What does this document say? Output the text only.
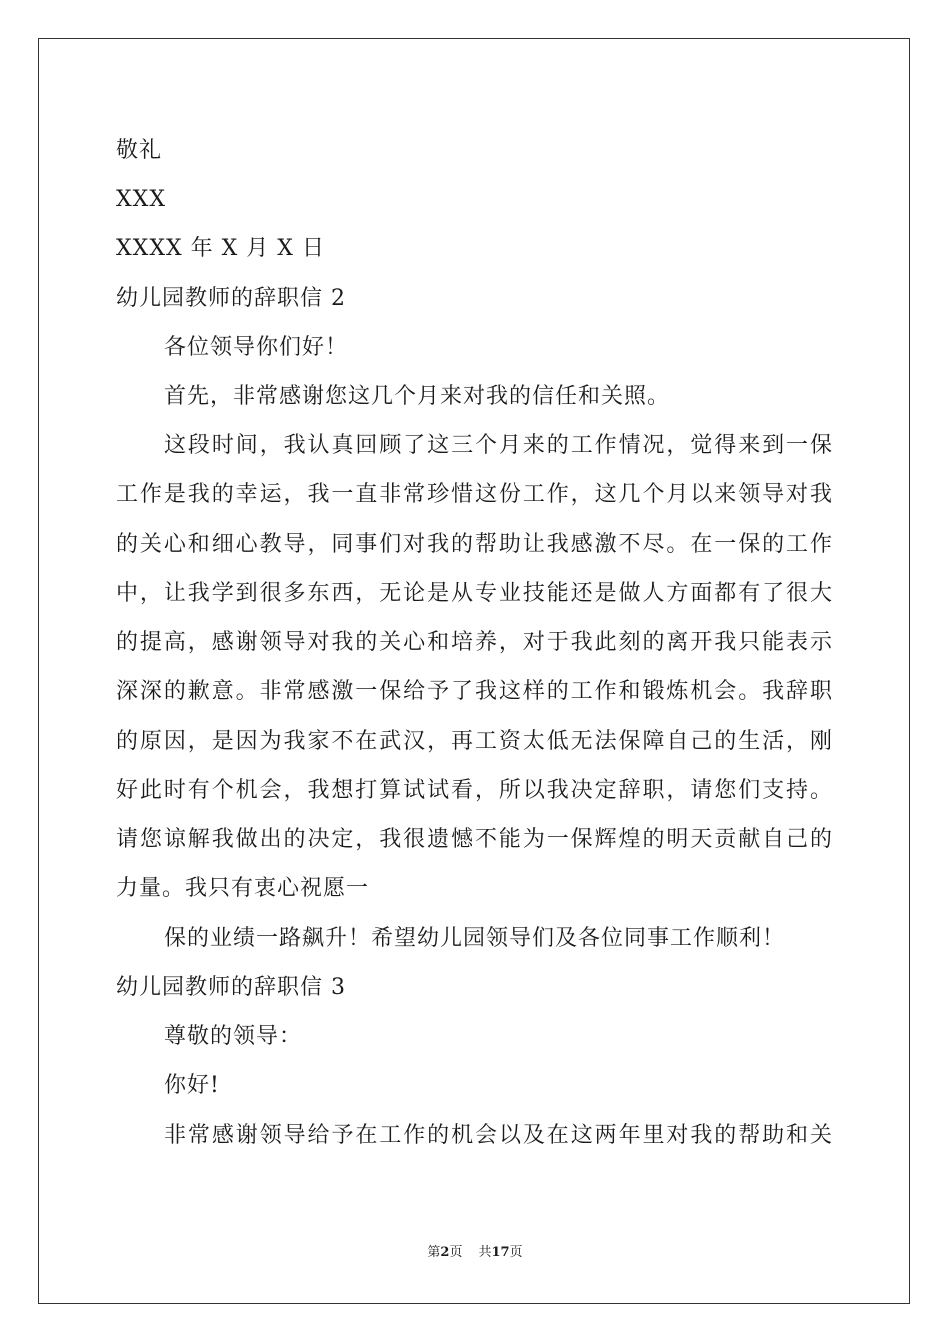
敬礼
XXX
XXXX 年 X 月 X 日
幼儿园教师的辞职信 2
各位领导你们好！
首先，非常感谢您这几个月来对我的信任和关照。
这段时间，我认真回顾了这三个月来的工作情况，觉得来到一保
工作是我的幸运，我一直非常珍惜这份工作，这几个月以来领导对我
的关心和细心教导，同事们对我的帮助让我感激不尽。在一保的工作
中，让我学到很多东西，无论是从专业技能还是做人方面都有了很大
的提高，感谢领导对我的关心和培养，对于我此刻的离开我只能表示
深深的歉意。非常感激一保给予了我这样的工作和锻炼机会。我辞职
的原因，是因为我家不在武汉，再工资太低无法保障自己的生活，刚
好此时有个机会，我想打算试试看，所以我决定辞职，请您们支持。
请您谅解我做出的决定，我很遗憾不能为一保辉煌的明天贡献自己的
力量。我只有衷心祝愿一
保的业绩一路飙升！希望幼儿园领导们及各位同事工作顺利！
幼儿园教师的辞职信 3
尊敬的领导：
你好!
非常感谢领导给予在工作的机会以及在这两年里对我的帮助和关
第2页 共17页
